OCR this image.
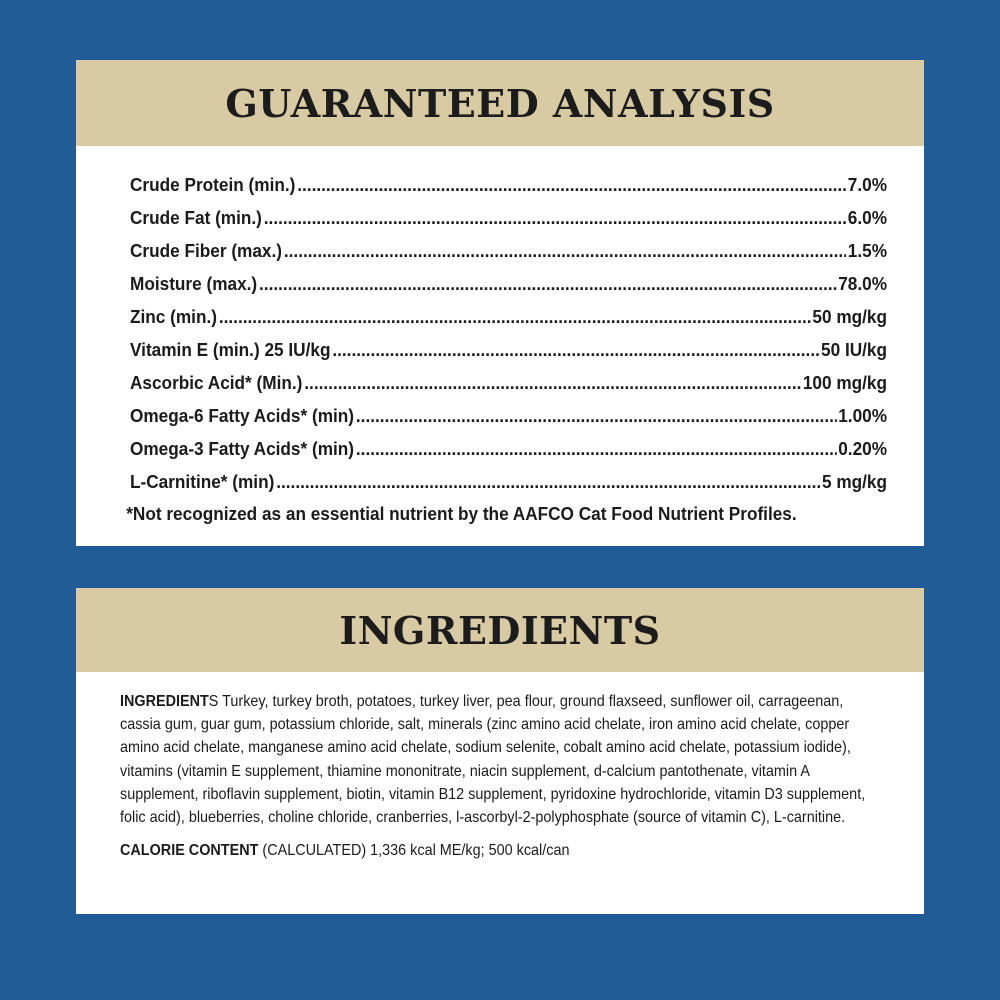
GUARANTEED ANALYSIS
Crude Protein (min.) .....	7.0%
Crude Fat (min.) .....	6.0%
Crude Fiber (max.) .....	1.5%
Moisture (max.) .....	78.0%
Zinc (min.) .....	50 mg/kg
Vitamin E (min.) 25 IU/kg .....	50 IU/kg
Ascorbic Acid* (Min.) .....	100 mg/kg
Omega-6 Fatty Acids* (min) .....	1.00%
Omega-3 Fatty Acids* (min) .....	0.20%
L-Carnitine* (min) .....	5 mg/kg
*Not recognized as an essential nutrient by the AAFCO Cat Food Nutrient Profiles.
INGREDIENTS

INGREDIENTS Turkey, turkey broth, potatoes, turkey liver, pea flour, ground flaxseed, sunflower oil, carrageenan, cassia gum, guar gum, potassium chloride, salt, minerals (zinc amino acid chelate, iron amino acid chelate, copper amino acid chelate, manganese amino acid chelate, sodium selenite, cobalt amino acid chelate, potassium iodide), vitamins (vitamin E supplement, thiamine mononitrate, niacin supplement, d-calcium pantothenate, vitamin A supplement, riboflavin supplement, biotin, vitamin B12 supplement, pyridoxine hydrochloride, vitamin D3 supplement, folic acid), blueberries, choline chloride, cranberries, l-ascorbyl-2-polyphosphate (source of vitamin C), L-carnitine.

CALORIE CONTENT (CALCULATED) 1,336 kcal ME/kg; 500 kcal/can
